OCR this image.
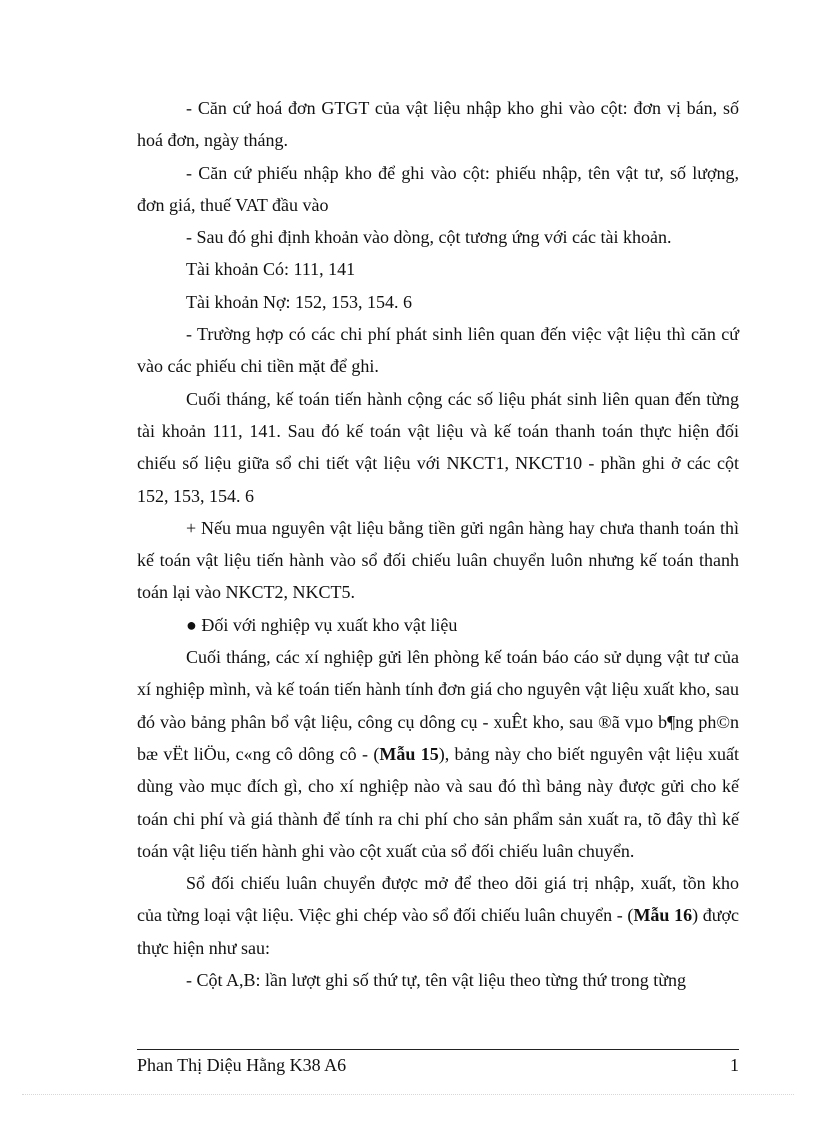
- Căn cứ hoá đơn GTGT của vật liệu nhập kho ghi vào cột: đơn vị bán, số hoá đơn, ngày tháng.

- Căn cứ phiếu nhập kho để ghi vào cột: phiếu nhập, tên vật tư, số lượng, đơn giá, thuế VAT đầu vào

- Sau đó ghi định khoản vào dòng, cột tương ứng với các tài khoản.

Tài khoản Có: 111, 141

Tài khoản Nợ: 152, 153, 154. 6

- Trường hợp có các chi phí phát sinh liên quan đến việc vật liệu thì căn cứ vào các phiếu chi tiền mặt để ghi.

Cuối tháng, kế toán tiến hành cộng các số liệu phát sinh liên quan đến từng tài khoản 111, 141. Sau đó kế toán vật liệu và kế toán thanh toán thực hiện đối chiếu số liệu giữa sổ chi tiết vật liệu với NKCT1, NKCT10 - phần ghi ở các cột 152, 153, 154. 6

+ Nếu mua nguyên vật liệu bằng tiền gửi ngân hàng hay chưa thanh toán thì kế toán vật liệu tiến hành vào sổ đối chiếu luân chuyển luôn nhưng kế toán thanh toán lại vào NKCT2, NKCT5.

● Đối với nghiệp vụ xuất kho vật liệu

Cuối tháng, các xí nghiệp gửi lên phòng kế toán báo cáo sử dụng vật tư của xí nghiệp mình, và kế toán tiến hành tính đơn giá cho nguyên vật liệu xuất kho, sau đó vào bảng phân bổ vật liệu, công cụ dông cụ - xuÊt kho, sau ®ã vµo b¶ng ph©n bæ vËt liÖu, c«ng cô dông cô - (Mẫu 15), bảng này cho biết nguyên vật liệu xuất dùng vào mục đích gì, cho xí nghiệp nào và sau đó thì bảng này được gửi cho kế toán chi phí và giá thành để tính ra chi phí cho sản phẩm sản xuất ra, tõ đây thì kế toán vật liệu tiến hành ghi vào cột xuất của sổ đối chiếu luân chuyển.

Sổ đối chiếu luân chuyển được mở để theo dõi giá trị nhập, xuất, tồn kho của từng loại vật liệu. Việc ghi chép vào sổ đối chiếu luân chuyển - (Mẫu 16) được thực hiện như sau:

- Cột A,B: lần lượt ghi số thứ tự, tên vật liệu theo từng thứ trong từng

Phan Thị Diệu Hằng K38 A6	1
